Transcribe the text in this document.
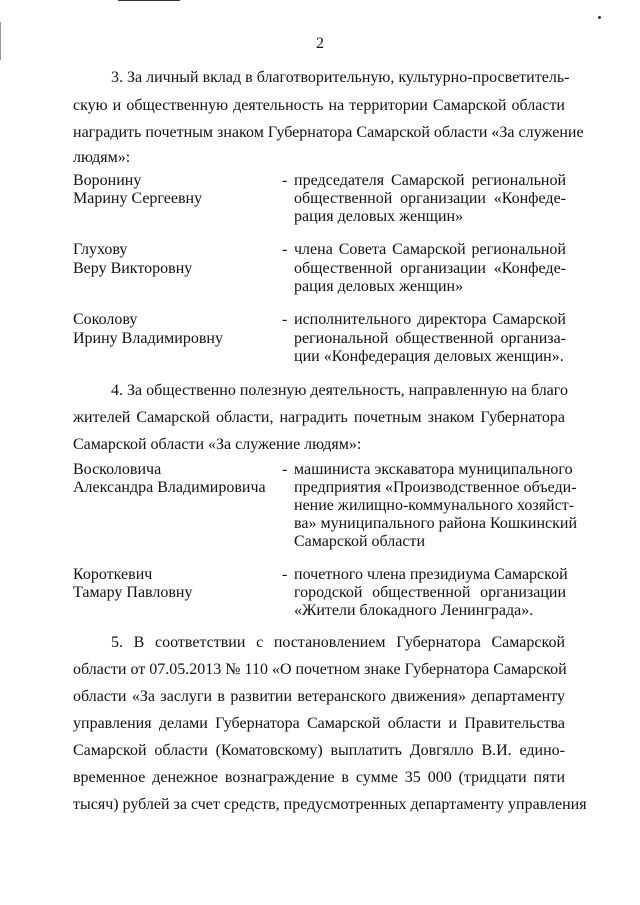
2
3. За личный вклад в благотворительную, культурно-просветитель-
скую и общественную деятельность на территории Самарской области
наградить почетным знаком Губернатора Самарской области «За служение
людям»:
Воронину
Марину Сергеевну
- председателя Самарской региональной
общественной организации «Конфеде-
рация деловых женщин»
Глухову
Веру Викторовну
- члена Совета Самарской региональной
общественной организации «Конфеде-
рация деловых женщин»
Соколову
Ирину Владимировну
- исполнительного директора Самарской
региональной общественной организа-
ции «Конфедерация деловых женщин».
4. За общественно полезную деятельность, направленную на благо
жителей Самарской области, наградить почетным знаком Губернатора
Самарской области «За служение людям»:
Восколовича
Александра Владимировича
- машиниста экскаватора муниципального
предприятия «Производственное объеди-
нение жилищно-коммунального хозяйст-
ва» муниципального района Кошкинский
Самарской области
Короткевич
Тамару Павловну
- почетного члена президиума Самарской
городской общественной организации
«Жители блокадного Ленинграда».
5. В соответствии с постановлением Губернатора Самарской
области от 07.05.2013 № 110 «О почетном знаке Губернатора Самарской
области «За заслуги в развитии ветеранского движения» департаменту
управления делами Губернатора Самарской области и Правительства
Самарской области (Коматовскому) выплатить Довгялло В.И. едино-
временное денежное вознаграждение в сумме 35 000 (тридцати пяти
тысяч) рублей за счет средств, предусмотренных департаменту управления
